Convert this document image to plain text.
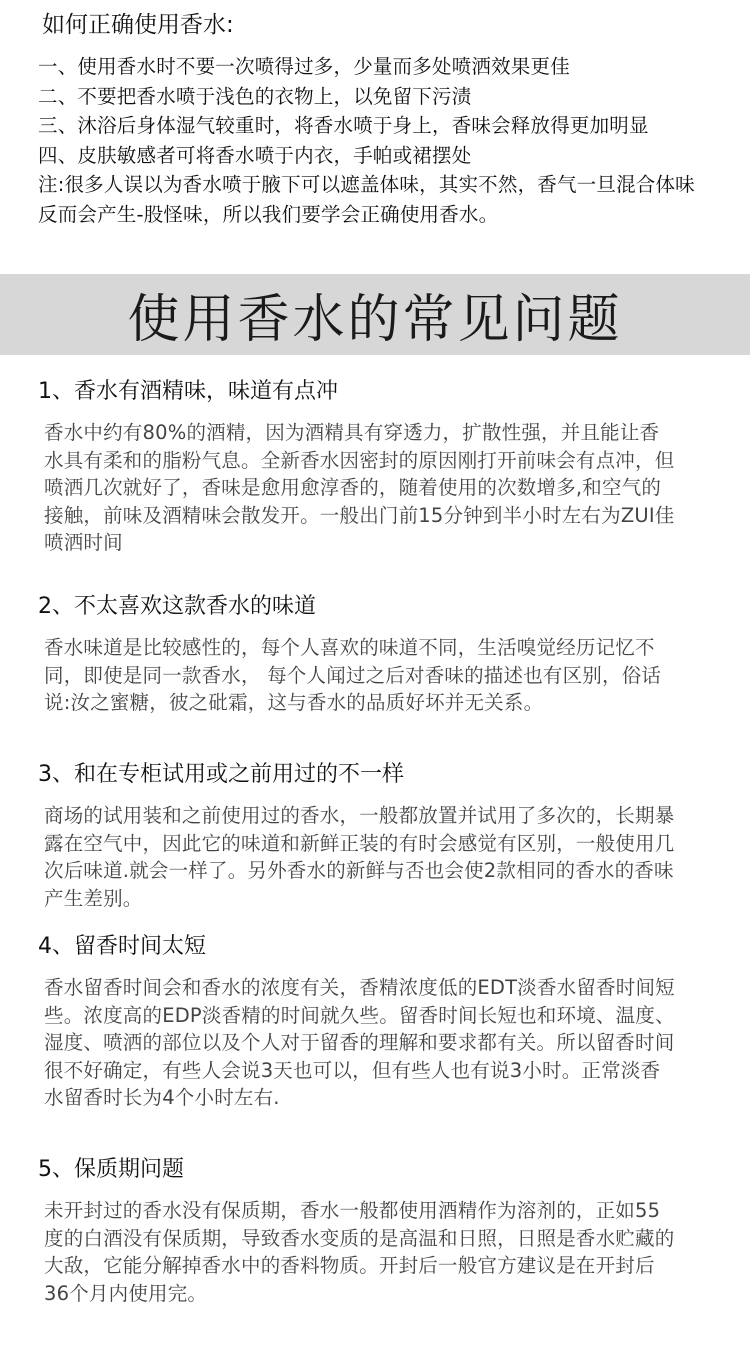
如何正确使用香水:
一、使用香水时不要一次喷得过多，少量而多处喷洒效果更佳
二、不要把香水喷于浅色的衣物上，以免留下污渍
三、沐浴后身体湿气较重时，将香水喷于身上，香味会释放得更加明显
四、皮肤敏感者可将香水喷于内衣，手帕或裙摆处
注:很多人误以为香水喷于腋下可以遮盖体味，其实不然，香气一旦混合体味反而会产生-股怪味，所以我们要学会正确使用香水。
使用香水的常见问题
1、香水有酒精味，味道有点冲
香水中约有80%的酒精，因为酒精具有穿透力，扩散性强，并且能让香水具有柔和的脂粉气息。全新香水因密封的原因刚打开前味会有点冲，但喷洒几次就好了，香味是愈用愈淳香的，随着使用的次数增多,和空气的接触，前味及酒精味会散发开。一般出门前15分钟到半小时左右为ZUI佳喷洒时间
2、不太喜欢这款香水的味道
香水味道是比较感性的，每个人喜欢的味道不同，生活嗅觉经历记忆不同，即使是同一款香水， 每个人闻过之后对香味的描述也有区别，俗话说:汝之蜜糖，彼之砒霜，这与香水的品质好坏并无关系。
3、和在专柜试用或之前用过的不一样
商场的试用装和之前使用过的香水，一般都放置并试用了多次的，长期暴露在空气中，因此它的味道和新鲜正装的有时会感觉有区别，一般使用几次后味道.就会一样了。另外香水的新鲜与否也会使2款相同的香水的香味产生差别。
4、留香时间太短
香水留香时间会和香水的浓度有关，香精浓度低的EDT淡香水留香时间短些。浓度高的EDP淡香精的时间就久些。留香时间长短也和环境、温度、湿度、喷洒的部位以及个人对于留香的理解和要求都有关。所以留香时间很不好确定，有些人会说3天也可以，但有些人也有说3小时。正常淡香水留香时长为4个小时左右.
5、保质期问题
未开封过的香水没有保质期，香水一般都使用酒精作为溶剂的，正如55度的白酒没有保质期，导致香水变质的是高温和日照，日照是香水贮藏的大敌，它能分解掉香水中的香料物质。开封后一般官方建议是在开封后36个月内使用完。
